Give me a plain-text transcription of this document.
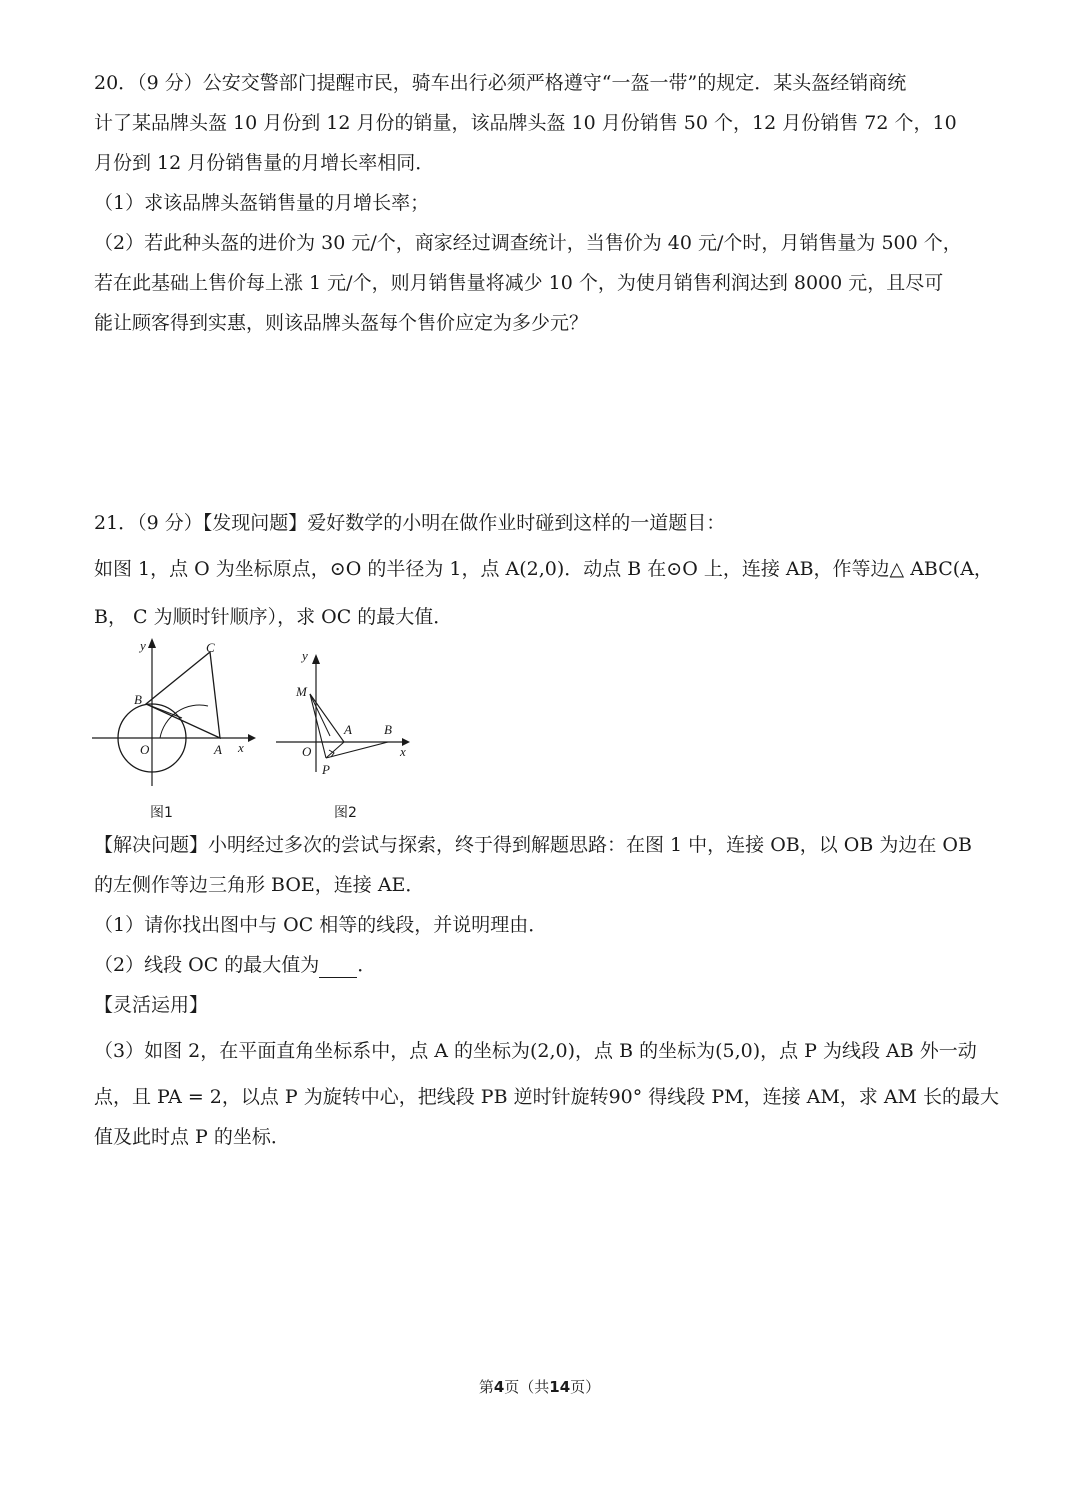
20．（9 分）公安交警部门提醒市民，骑车出行必须严格遵守“一盔一带”的规定．某头盔经销商统
计了某品牌头盔 10 月份到 12 月份的销量，该品牌头盔 10 月份销售 50 个，12 月份销售 72 个，10
月份到 12 月份销售量的月增长率相同．
（1）求该品牌头盔销售量的月增长率；
（2）若此种头盔的进价为 30 元/个，商家经过调查统计，当售价为 40 元/个时，月销售量为 500 个，
若在此基础上售价每上涨 1 元/个，则月销售量将减少 10 个，为使月销售利润达到 8000 元，且尽可
能让顾客得到实惠，则该品牌头盔每个售价应定为多少元？
21．（9 分）【发现问题】爱好数学的小明在做作业时碰到这样的一道题目：
如图 1，点 O 为坐标原点，⊙O 的半径为 1，点 A(2,0)．动点 B 在⊙O 上，连接 AB，作等边△ ABC(A，
B， C 为顺时针顺序），求 OC 的最大值．
y
x
O	A
B
C
图1
y
x
O
A B
M
P
图2
【解决问题】小明经过多次的尝试与探索，终于得到解题思路：在图 1 中，连接 OB，以 OB 为边在 OB
的左侧作等边三角形 BOE，连接 AE．
（1）请你找出图中与 OC 相等的线段，并说明理由．
（2）线段 OC 的最大值为 ．
【灵活运用】
（3）如图 2，在平面直角坐标系中，点 A 的坐标为(2,0)，点 B 的坐标为(5,0)，点 P 为线段 AB 外一动
点，且 PA = 2，以点 P 为旋转中心，把线段 PB 逆时针旋转90° 得线段 PM，连接 AM，求 AM 长的最大
值及此时点 P 的坐标．
第4页（共14页）
